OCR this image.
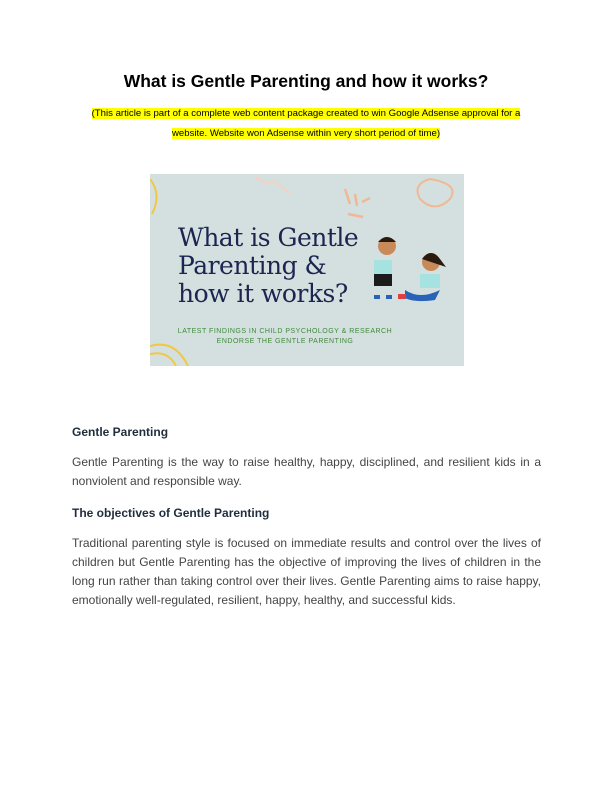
What is Gentle Parenting and how it works?
(This article is part of a complete web content package created to win Google Adsense approval for a website. Website won Adsense within very short period of time)
What is Gentle
Parenting &
how it works?
LATEST FINDINGS IN CHILD PSYCHOLOGY & RESEARCH
ENDORSE THE GENTLE PARENTING
Gentle Parenting
Gentle Parenting is the way to raise healthy, happy, disciplined, and resilient kids in a nonviolent and responsible way.
The objectives of Gentle Parenting
Traditional parenting style is focused on immediate results and control over the lives of children but Gentle Parenting has the objective of improving the lives of children in the long run rather than taking control over their lives. Gentle Parenting aims to raise happy, emotionally well-regulated, resilient, happy, healthy, and successful kids.
